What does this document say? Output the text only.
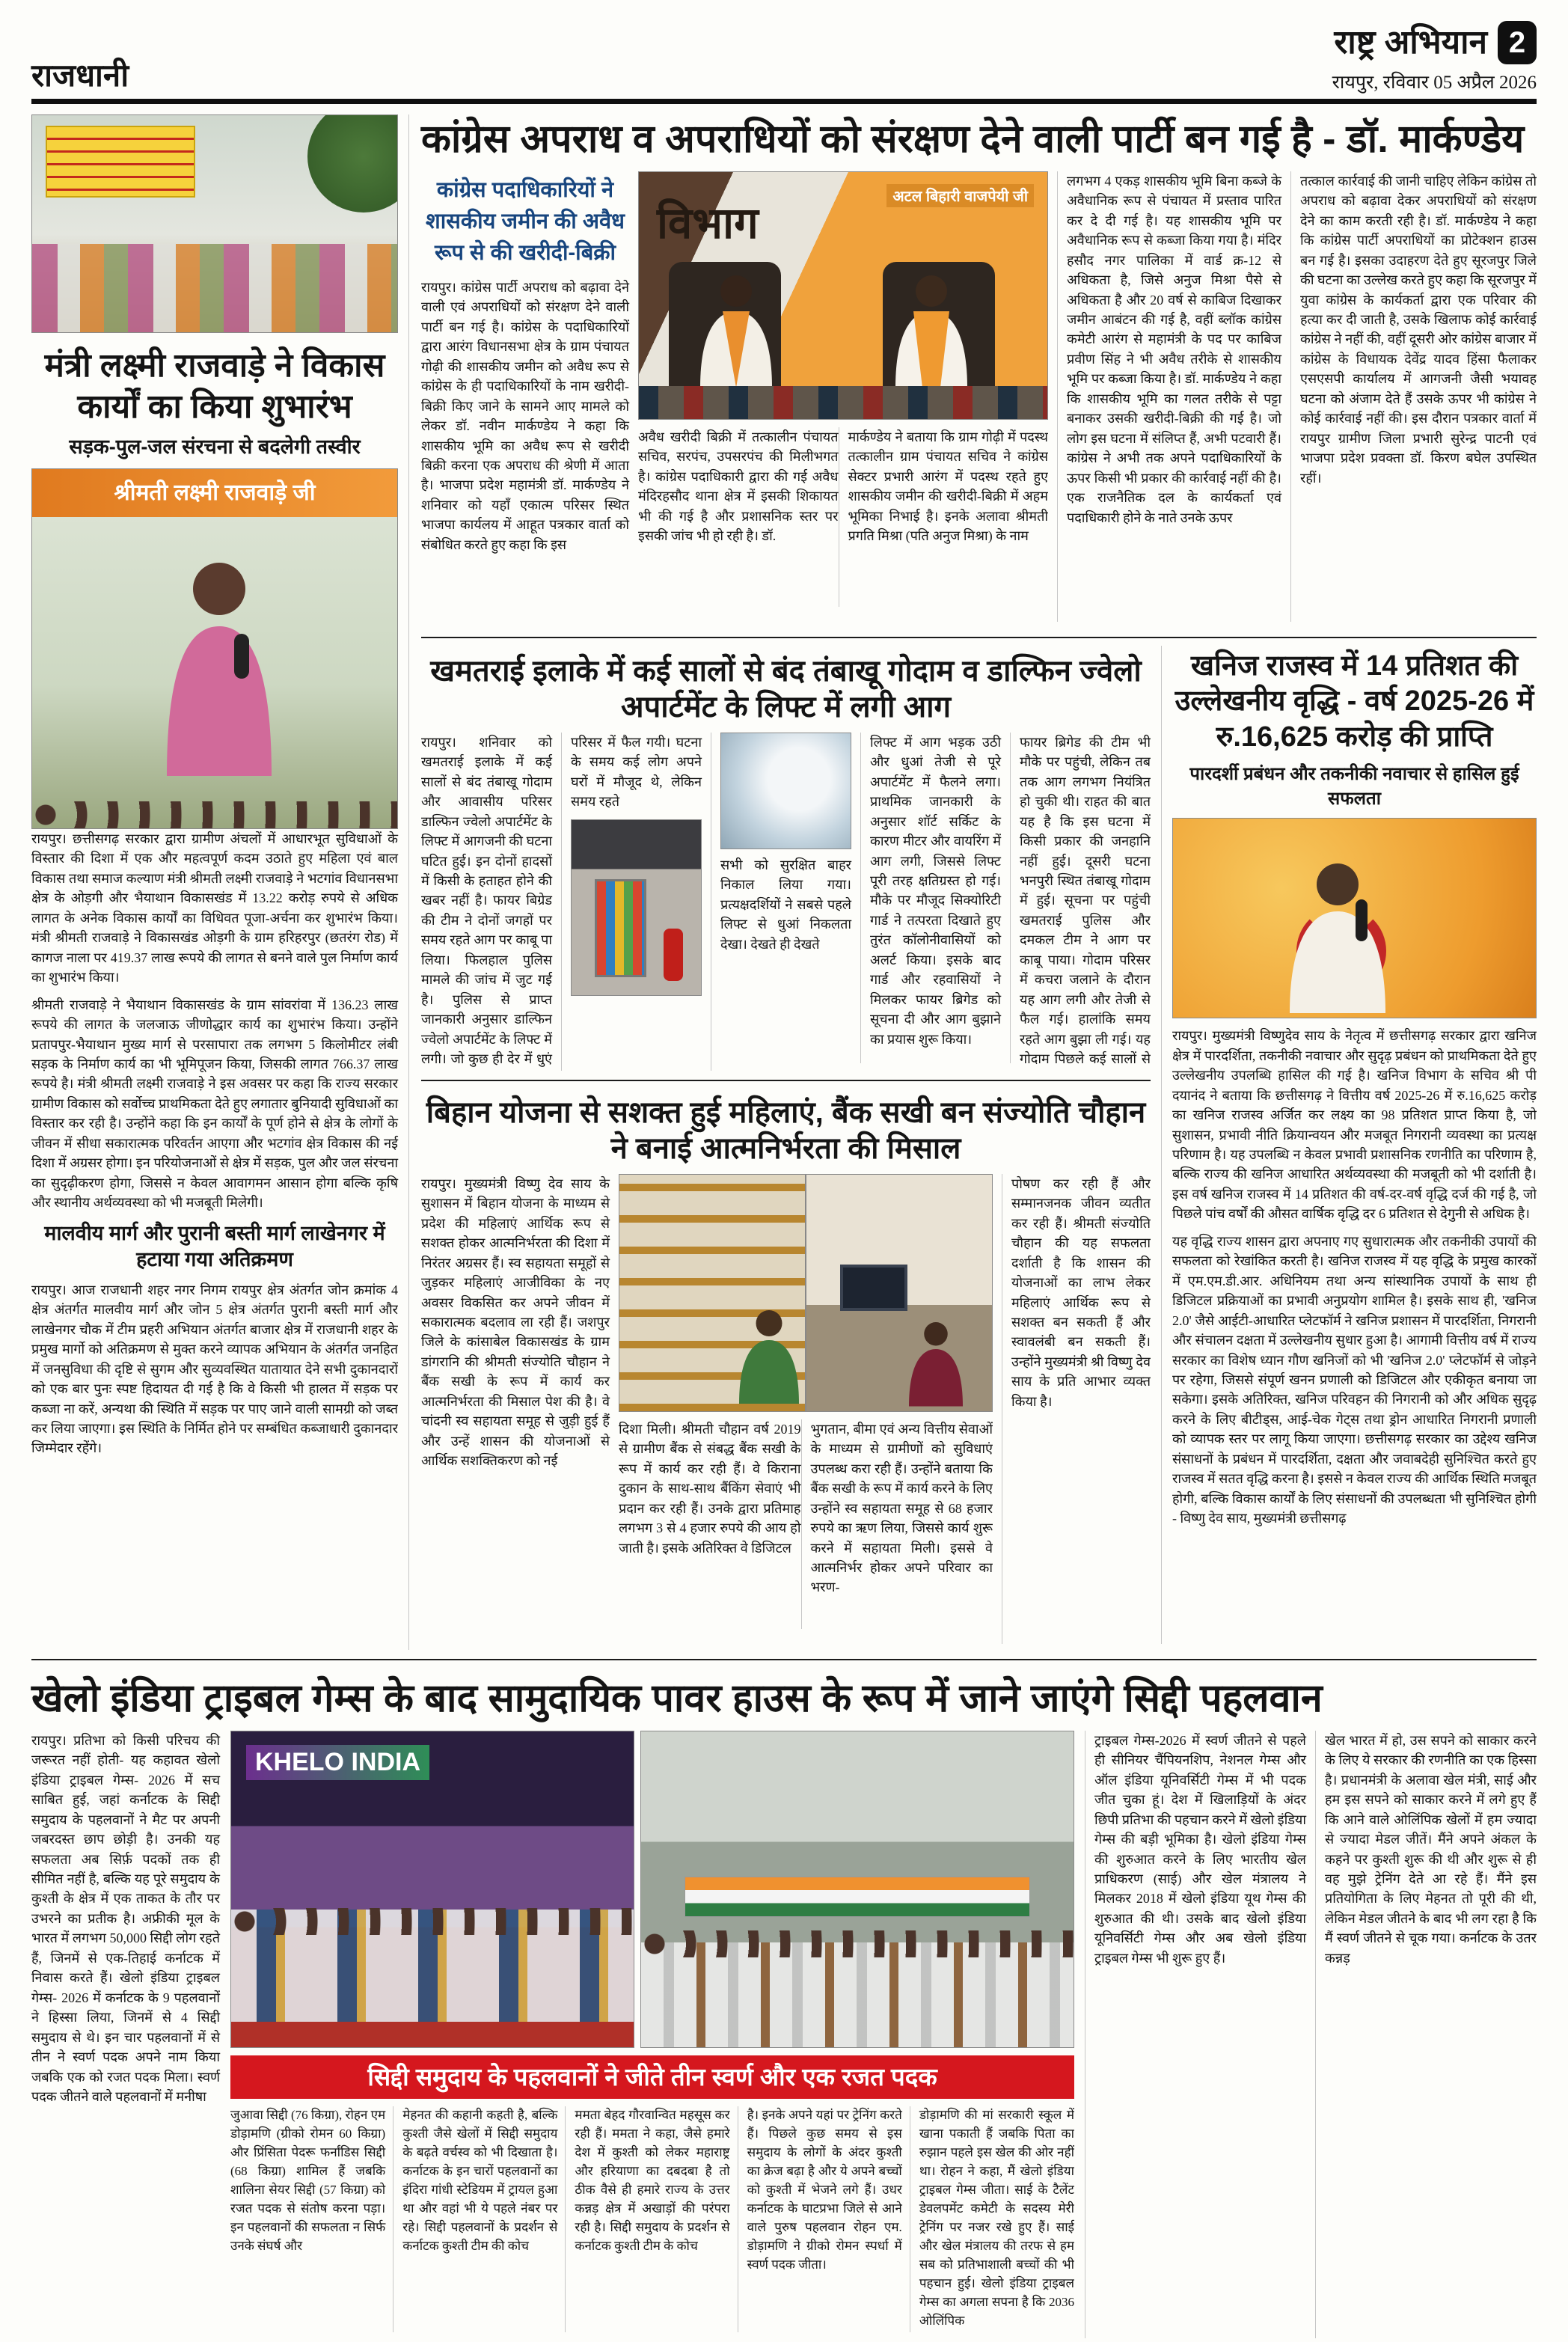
राजधानी
राष्ट्र अभियान 2
रायपुर, रविवार 05 अप्रैल 2026
मंत्री लक्ष्मी राजवाड़े ने विकास कार्यों का किया शुभारंभ
सड़क-पुल-जल संरचना से बदलेगी तस्वीर
श्रीमती लक्ष्मी राजवाड़े जी

रायपुर। छत्तीसगढ़ सरकार द्वारा ग्रामीण अंचलों में आधारभूत सुविधाओं के विस्तार की दिशा में एक और महत्वपूर्ण कदम उठाते हुए महिला एवं बाल विकास तथा समाज कल्याण मंत्री श्रीमती लक्ष्मी राजवाड़े ने भटगांव विधानसभा क्षेत्र के ओड़गी और भैयाथान विकासखंड में 13.22 करोड़ रुपये से अधिक लागत के अनेक विकास कार्यों का विधिवत पूजा-अर्चना कर शुभारंभ किया। मंत्री श्रीमती राजवाड़े ने विकासखंड ओड़गी के ग्राम हरिहरपुर (छतरंग रोड) में कागज नाला पर 419.37 लाख रूपये की लागत से बनने वाले पुल निर्माण कार्य का शुभारंभ किया।

श्रीमती राजवाड़े ने भैयाथान विकासखंड के ग्राम सांवरांवा में 136.23 लाख रूपये की लागत के जलजाऊ जीणोद्धार कार्य का शुभारंभ किया। उन्होंने प्रतापपुर-भैयाथान मुख्य मार्ग से परसापारा तक लगभग 5 किलोमीटर लंबी सड़क के निर्माण कार्य का भी भूमिपूजन किया, जिसकी लागत 766.37 लाख रूपये है। मंत्री श्रीमती लक्ष्मी राजवाड़े ने इस अवसर पर कहा कि राज्य सरकार ग्रामीण विकास को सर्वोच्च प्राथमिकता देते हुए लगातार बुनियादी सुविधाओं का विस्तार कर रही है। उन्होंने कहा कि इन कार्यों के पूर्ण होने से क्षेत्र के लोगों के जीवन में सीधा सकारात्मक परिवर्तन आएगा और भटगांव क्षेत्र विकास की नई दिशा में अग्रसर होगा। इन परियोजनाओं से क्षेत्र में सड़क, पुल और जल संरचना का सुदृढ़ीकरण होगा, जिससे न केवल आवागमन आसान होगा बल्कि कृषि और स्थानीय अर्थव्यवस्था को भी मजबूती मिलेगी।

मालवीय मार्ग और पुरानी बस्ती मार्ग लाखेनगर में हटाया गया अतिक्रमण

रायपुर। आज राजधानी शहर नगर निगम रायपुर क्षेत्र अंतर्गत जोन क्रमांक 4 क्षेत्र अंतर्गत मालवीय मार्ग और जोन 5 क्षेत्र अंतर्गत पुरानी बस्ती मार्ग और लाखेनगर चौक में टीम प्रहरी अभियान अंतर्गत बाजार क्षेत्र में राजधानी शहर के प्रमुख मार्गो को अतिक्रमण से मुक्त करने व्यापक अभियान के अंतर्गत जनहित में जनसुविधा की दृष्टि से सुगम और सुव्यवस्थित यातायात देने सभी दुकानदारों को एक बार पुनः स्पष्ट हिदायत दी गई है कि वे किसी भी हालत में सड़क पर कब्जा ना करें, अन्यथा की स्थिति में सड़क पर पाए जाने वाली सामग्री को जब्त कर लिया जाएगा। इस स्थिति के निर्मित होने पर सम्बंधित कब्जाधारी दुकानदार जिम्मेदार रहेंगे।

कांग्रेस अपराध व अपराधियों को संरक्षण देने वाली पार्टी बन गई है - डॉ. मार्कण्डेय
कांग्रेस पदाधिकारियों ने शासकीय जमीन की अवैध रूप से की खरीदी-बिक्री

रायपुर। कांग्रेस पार्टी अपराध को बढ़ावा देने वाली एवं अपराधियों को संरक्षण देने वाली पार्टी बन गई है। कांग्रेस के पदाधिकारियों द्वारा आरंग विधानसभा क्षेत्र के ग्राम पंचायत गोढ़ी की शासकीय जमीन को अवैध रूप से कांग्रेस के ही पदाधिकारियों के नाम खरीदी-बिक्री किए जाने के सामने आए मामले को लेकर डॉ. नवीन मार्कण्डेय ने कहा कि शासकीय भूमि का अवैध रूप से खरीदी बिक्री करना एक अपराध की श्रेणी में आता है। भाजपा प्रदेश महामंत्री डॉ. मार्कण्डेय ने शनिवार को यहाँ एकात्म परिसर स्थित भाजपा कार्यलय में आहूत पत्रकार वार्ता को संबोधित करते हुए कहा कि इस

विभाग
अटल बिहारी वाजपेयी जी

अवैध खरीदी बिक्री में तत्कालीन पंचायत सचिव, सरपंच, उपसरपंच की मिलीभगत है। कांग्रेस पदाधिकारी द्वारा की गई अवैध मंदिरहसौद थाना क्षेत्र में इसकी शिकायत भी की गई है और प्रशासनिक स्तर पर इसकी जांच भी हो रही है। डॉ.

मार्कण्डेय ने बताया कि ग्राम गोढ़ी में पदस्थ तत्कालीन ग्राम पंचायत सचिव ने कांग्रेस सेक्टर प्रभारी आरंग में पदस्थ रहते हुए शासकीय जमीन की खरीदी-बिक्री में अहम भूमिका निभाई है। इनके अलावा श्रीमती प्रगति मिश्रा (पति अनुज मिश्रा) के नाम

लगभग 4 एकड़ शासकीय भूमि बिना कब्जे के अवैधानिक रूप से पंचायत में प्रस्ताव पारित कर दे दी गई है। यह शासकीय भूमि पर अवैधानिक रूप से कब्जा किया गया है। मंदिर हसौद नगर पालिका में वार्ड क्र-12 से अधिकता है, जिसे अनुज मिश्रा पैसे से अधिकता है और 20 वर्ष से काबिज दिखाकर जमीन आबंटन की गई है, वहीं ब्लॉक कांग्रेस कमेटी आरंग से महामंत्री के पद पर काबिज प्रवीण सिंह ने भी अवैध तरीके से शासकीय भूमि पर कब्जा किया है। डॉ. मार्कण्डेय ने कहा कि शासकीय भूमि का गलत तरीके से पट्टा बनाकर उसकी खरीदी-बिक्री की गई है। जो लोग इस घटना में संलिप्त हैं, अभी पटवारी हैं। कांग्रेस ने अभी तक अपने पदाधिकारियों के ऊपर किसी भी प्रकार की कार्रवाई नहीं की है। एक राजनैतिक दल के कार्यकर्ता एवं पदाधिकारी होने के नाते उनके ऊपर

तत्काल कार्रवाई की जानी चाहिए लेकिन कांग्रेस तो अपराध को बढ़ावा देकर अपराधियों को संरक्षण देने का काम करती रही है। डॉ. मार्कण्डेय ने कहा कि कांग्रेस पार्टी अपराधियों का प्रोटेक्शन हाउस बन गई है। इसका उदाहरण देते हुए सूरजपुर जिले की घटना का उल्लेख करते हुए कहा कि सूरजपुर में युवा कांग्रेस के कार्यकर्ता द्वारा एक परिवार की हत्या कर दी जाती है, उसके खिलाफ कोई कार्रवाई कांग्रेस ने नहीं की, वहीं दूसरी ओर कांग्रेस बाजार में कांग्रेस के विधायक देवेंद्र यादव हिंसा फैलाकर एसएसपी कार्यालय में आगजनी जैसी भयावह घटना को अंजाम देते हैं उसके ऊपर भी कांग्रेस ने कोई कार्रवाई नहीं की। इस दौरान पत्रकार वार्ता में रायपुर ग्रामीण जिला प्रभारी सुरेन्द्र पाटनी एवं भाजपा प्रदेश प्रवक्ता डॉ. किरण बघेल उपस्थित रहीं।

खमतराई इलाके में कई सालों से बंद तंबाखू गोदाम व डाल्फिन ज्वेलो अपार्टमेंट के लिफ्ट में लगी आग

रायपुर। शनिवार को खमतराई इलाके में कई सालों से बंद तंबाखू गोदाम और आवासीय परिसर डाल्फिन ज्वेलो अपार्टमेंट के लिफ्ट में आगजनी की घटना घटित हुई। इन दोनों हादसों में किसी के हताहत होने की खबर नहीं है। फायर बिग्रेड की टीम ने दोनों जगहों पर समय रहते आग पर काबू पा लिया। फिलहाल पुलिस मामले की जांच में जुट गई है। पुलिस से प्राप्त जानकारी अनुसार डाल्फिन ज्वेलो अपार्टमेंट के लिफ्ट में लगी। जो कुछ ही देर में धुएं

परिसर में फैल गयी। घटना के समय कई लोग अपने घरों में मौजूद थे, लेकिन समय रहते

सभी को सुरक्षित बाहर निकाल लिया गया। प्रत्यक्षदर्शियों ने सबसे पहले लिफ्ट से धुआं निकलता देखा। देखते ही देखते

लिफ्ट में आग भड़क उठी और धुआं तेजी से पूरे अपार्टमेंट में फैलने लगा। प्राथमिक जानकारी के अनुसार शॉर्ट सर्किट के कारण मीटर और वायरिंग में आग लगी, जिससे लिफ्ट पूरी तरह क्षतिग्रस्त हो गई। मौके पर मौजूद सिक्योरिटी गार्ड ने तत्परता दिखाते हुए तुरंत कॉलोनीवासियों को अलर्ट किया। इसके बाद गार्ड और रहवासियों ने मिलकर फायर ब्रिगेड को सूचना दी और आग बुझाने का प्रयास शुरू किया।

फायर ब्रिगेड की टीम भी मौके पर पहुंची, लेकिन तब तक आग लगभग नियंत्रित हो चुकी थी। राहत की बात यह है कि इस घटना में किसी प्रकार की जनहानि नहीं हुई। दूसरी घटना भनपुरी स्थित तंबाखू गोदाम में हुई। सूचना पर पहुंची खमतराई पुलिस और दमकल टीम ने आग पर काबू पाया। गोदाम परिसर में कचरा जलाने के दौरान यह आग लगी और तेजी से फैल गई। हालांकि समय रहते आग बुझा ली गई। यह गोदाम पिछले कई सालों से

बिहान योजना से सशक्त हुई महिलाएं, बैंक सखी बन संज्योति चौहान ने बनाई आत्मनिर्भरता की मिसाल

रायपुर। मुख्यमंत्री विष्णु देव साय के सुशासन में बिहान योजना के माध्यम से प्रदेश की महिलाएं आर्थिक रूप से सशक्त होकर आत्मनिर्भरता की दिशा में निरंतर अग्रसर हैं। स्व सहायता समूहों से जुड़कर महिलाएं आजीविका के नए अवसर विकसित कर अपने जीवन में सकारात्मक बदलाव ला रही हैं। जशपुर जिले के कांसाबेल विकासखंड के ग्राम डांगरानि की श्रीमती संज्योति चौहान ने बैंक सखी के रूप में कार्य कर आत्मनिर्भरता की मिसाल पेश की है। वे चांदनी स्व सहायता समूह से जुड़ी हुई हैं और उन्हें शासन की योजनाओं से आर्थिक सशक्तिकरण को नई

दिशा मिली। श्रीमती चौहान वर्ष 2019 से ग्रामीण बैंक से संबद्ध बैंक सखी के रूप में कार्य कर रही हैं। वे किराना दुकान के साथ-साथ बैंकिंग सेवाएं भी प्रदान कर रही हैं। उनके द्वारा प्रतिमाह लगभग 3 से 4 हजार रुपये की आय हो जाती है। इसके अतिरिक्त वे डिजिटल

भुगतान, बीमा एवं अन्य वित्तीय सेवाओं के माध्यम से ग्रामीणों को सुविधाएं उपलब्ध करा रही हैं। उन्होंने बताया कि बैंक सखी के रूप में कार्य करने के लिए उन्होंने स्व सहायता समूह से 68 हजार रुपये का ऋण लिया, जिससे कार्य शुरू करने में सहायता मिली। इससे वे आत्मनिर्भर होकर अपने परिवार का भरण-

पोषण कर रही हैं और सम्मानजनक जीवन व्यतीत कर रही हैं। श्रीमती संज्योति चौहान की यह सफलता दर्शाती है कि शासन की योजनाओं का लाभ लेकर महिलाएं आर्थिक रूप से सशक्त बन सकती हैं और स्वावलंबी बन सकती हैं। उन्होंने मुख्यमंत्री श्री विष्णु देव साय के प्रति आभार व्यक्त किया है।

खनिज राजस्व में 14 प्रतिशत की उल्लेखनीय वृद्धि - वर्ष 2025-26 में रु.16,625 करोड़ की प्राप्ति
पारदर्शी प्रबंधन और तकनीकी नवाचार से हासिल हुई सफलता

रायपुर। मुख्यमंत्री विष्णुदेव साय के नेतृत्व में छत्तीसगढ़ सरकार द्वारा खनिज क्षेत्र में पारदर्शिता, तकनीकी नवाचार और सुदृढ़ प्रबंधन को प्राथमिकता देते हुए उल्लेखनीय उपलब्धि हासिल की गई है। खनिज विभाग के सचिव श्री पी दयानंद ने बताया कि छत्तीसगढ़ ने वित्तीय वर्ष 2025-26 में रु.16,625 करोड़ का खनिज राजस्व अर्जित कर लक्ष्य का 98 प्रतिशत प्राप्त किया है, जो सुशासन, प्रभावी नीति क्रियान्वयन और मजबूत निगरानी व्यवस्था का प्रत्यक्ष परिणाम है। यह उपलब्धि न केवल प्रभावी प्रशासनिक रणनीति का परिणाम है, बल्कि राज्य की खनिज आधारित अर्थव्यवस्था की मजबूती को भी दर्शाती है। इस वर्ष खनिज राजस्व में 14 प्रतिशत की वर्ष-दर-वर्ष वृद्धि दर्ज की गई है, जो पिछले पांच वर्षों की औसत वार्षिक वृद्धि दर 6 प्रतिशत से देगुनी से अधिक है।

यह वृद्धि राज्य शासन द्वारा अपनाए गए सुधारात्मक और तकनीकी उपायों की सफलता को रेखांकित करती है। खनिज राजस्व में यह वृद्धि के प्रमुख कारकों में एम.एम.डी.आर. अधिनियम तथा अन्य सांस्थानिक उपायों के साथ ही डिजिटल प्रक्रियाओं का प्रभावी अनुप्रयोग शामिल है। इसके साथ ही, 'खनिज 2.0' जैसे आईटी-आधारित प्लेटफॉर्म ने खनिज प्रशासन में पारदर्शिता, निगरानी और संचालन दक्षता में उल्लेखनीय सुधार हुआ है। आगामी वित्तीय वर्ष में राज्य सरकार का विशेष ध्यान गौण खनिजों को भी 'खनिज 2.0' प्लेटफॉर्म से जोड़ने पर रहेगा, जिससे संपूर्ण खनन प्रणाली को डिजिटल और एकीकृत बनाया जा सकेगा। इसके अतिरिक्त, खनिज परिवहन की निगरानी को और अधिक सुदृढ़ करने के लिए बीटीड्स, आई-चेक गेट्स तथा ड्रोन आधारित निगरानी प्रणाली को व्यापक स्तर पर लागू किया जाएगा। छत्तीसगढ़ सरकार का उद्देश्य खनिज संसाधनों के प्रबंधन में पारदर्शिता, दक्षता और जवाबदेही सुनिश्चित करते हुए राजस्व में सतत वृद्धि करना है। इससे न केवल राज्य की आर्थिक स्थिति मजबूत होगी, बल्कि विकास कार्यों के लिए संसाधनों की उपलब्धता भी सुनिश्चित होगी - विष्णु देव साय, मुख्यमंत्री छत्तीसगढ़

खेलो इंडिया ट्राइबल गेम्स के बाद सामुदायिक पावर हाउस के रूप में जाने जाएंगे सिद्दी पहलवान

रायपुर। प्रतिभा को किसी परिचय की जरूरत नहीं होती- यह कहावत खेलो इंडिया ट्राइबल गेम्स- 2026 में सच साबित हुई, जहां कर्नाटक के सिद्दी समुदाय के पहलवानों ने मैट पर अपनी जबरदस्त छाप छोड़ी है। उनकी यह सफलता अब सिर्फ़ पदकों तक ही सीमित नहीं है, बल्कि यह पूरे समुदाय के कुश्ती के क्षेत्र में एक ताकत के तौर पर उभरने का प्रतीक है। अफ्रीकी मूल के भारत में लगभग 50,000 सिद्दी लोग रहते हैं, जिनमें से एक-तिहाई कर्नाटक में निवास करते हैं। खेलो इंडिया ट्राइबल गेम्स- 2026 में कर्नाटक के 9 पहलवानों ने हिस्सा लिया, जिनमें से 4 सिद्दी समुदाय से थे। इन चार पहलवानों में से तीन ने स्वर्ण पदक अपने नाम किया जबकि एक को रजत पदक मिला। स्वर्ण पदक जीतने वाले पहलवानों में मनीषा

KHELO INDIA
सिद्दी समुदाय के पहलवानों ने जीते तीन स्वर्ण और एक रजत पदक

जुआवा सिद्दी (76 किग्रा), रोहन एम डोड़ामणि (ग्रीको रोमन 60 किग्रा) और प्रिंसिता पेदरू फर्नांडिस सिद्दी (68 किग्रा) शामिल हैं जबकि शालिना सेयर सिद्दी (57 किग्रा) को रजत पदक से संतोष करना पड़ा। इन पहलवानों की सफलता न सिर्फ उनके संघर्ष और

मेहनत की कहानी कहती है, बल्कि कुश्ती जैसे खेलों में सिद्दी समुदाय के बढ़ते वर्चस्व को भी दिखाता है। कर्नाटक के इन चारों पहलवानों का इंदिरा गांधी स्टेडियम में ट्रायल हुआ था और वहां भी ये पहले नंबर पर रहे। सिद्दी पहलवानों के प्रदर्शन से कर्नाटक कुश्ती टीम की कोच

ममता बेहद गौरवान्वित महसूस कर रही हैं। ममता ने कहा, जैसे हमारे देश में कुश्ती को लेकर महाराष्ट्र और हरियाणा का दबदबा है तो ठीक वैसे ही हमारे राज्य के उत्तर कन्नड़ क्षेत्र में अखाड़ों की परंपरा रही है। सिद्दी समुदाय के प्रदर्शन से कर्नाटक कुश्ती टीम के कोच

है। इनके अपने यहां पर ट्रेनिंग करते हैं। पिछले कुछ समय से इस समुदाय के लोगों के अंदर कुश्ती का क्रेज बढ़ा है और ये अपने बच्चों को कुश्ती में भेजने लगे हैं। उधर कर्नाटक के घाटप्रभा जिले से आने वाले पुरुष पहलवान रोहन एम. डोड़ामणि ने ग्रीको रोमन स्पर्धा में स्वर्ण पदक जीता।

डोड़ामणि की मां सरकारी स्कूल में खाना पकाती हैं जबकि पिता का रुझान पहले इस खेल की ओर नहीं था। रोहन ने कहा, मैं खेलो इंडिया ट्राइबल गेम्स जीता। साई के टैलेंट डेवलपमेंट कमेटी के सदस्य मेरी ट्रेनिंग पर नजर रखे हुए हैं। साई और खेल मंत्रालय की तरफ से हम सब को प्रतिभाशाली बच्चों की भी पहचान हुई। खेलो इंडिया ट्राइबल गेम्स का अगला सपना है कि 2036 ओलिंपिक

ट्राइबल गेम्स-2026 में स्वर्ण जीतने से पहले ही सीनियर चैंपियनशिप, नेशनल गेम्स और ऑल इंडिया यूनिवर्सिटी गेम्स में भी पदक जीत चुका हूं। देश में खिलाड़ियों के अंदर छिपी प्रतिभा की पहचान करने में खेलो इंडिया गेम्स की बड़ी भूमिका है। खेलो इंडिया गेम्स की शुरुआत करने के लिए भारतीय खेल प्राधिकरण (साई) और खेल मंत्रालय ने मिलकर 2018 में खेलो इंडिया यूथ गेम्स की शुरुआत की थी। उसके बाद खेलो इंडिया यूनिवर्सिटी गेम्स और अब खेलो इंडिया ट्राइबल गेम्स भी शुरू हुए हैं।

खेल भारत में हो, उस सपने को साकार करने के लिए ये सरकार की रणनीति का एक हिस्सा है। प्रधानमंत्री के अलावा खेल मंत्री, साई और हम इस सपने को साकार करने में लगे हुए हैं कि आने वाले ओलिंपिक खेलों में हम ज्यादा से ज्यादा मेडल जीतें। मैंने अपने अंकल के कहने पर कुश्ती शुरू की थी और शुरू से ही वह मुझे ट्रेनिंग देते आ रहे हैं। मैंने इस प्रतियोगिता के लिए मेहनत तो पूरी की थी, लेकिन मेडल जीतने के बाद भी लग रहा है कि मैं स्वर्ण जीतने से चूक गया। कर्नाटक के उतर कन्नड़
